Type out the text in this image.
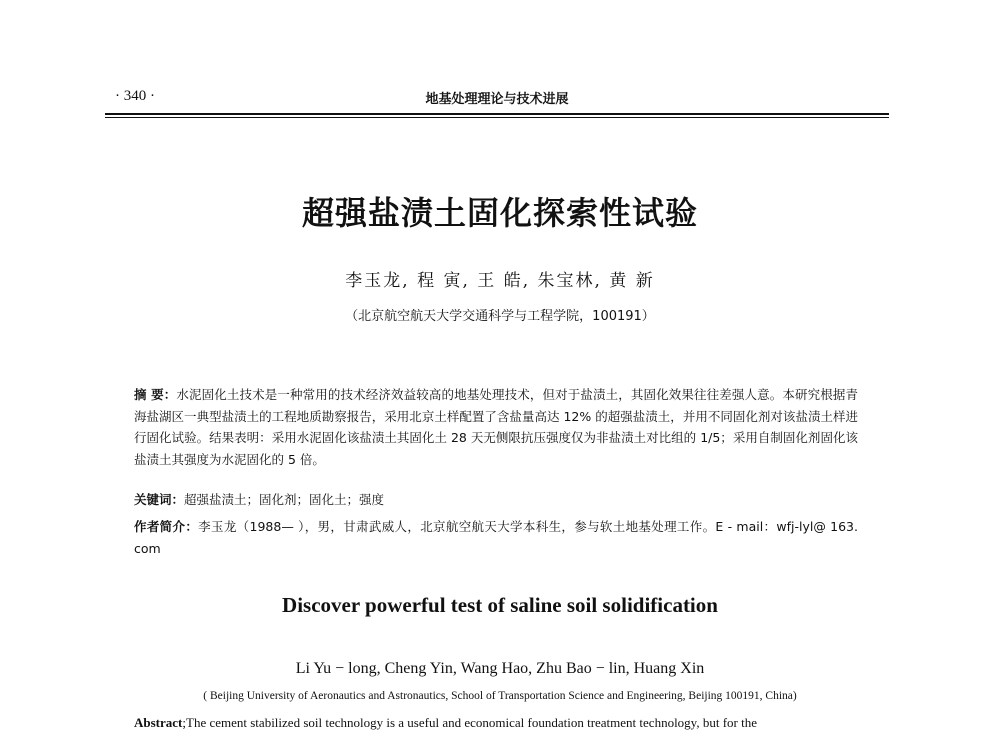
· 340 ·	地基处理理论与技术进展
超强盐渍土固化探索性试验
李玉龙, 程 寅, 王 皓, 朱宝林, 黄 新
（北京航空航天大学交通科学与工程学院，100191）
摘 要：水泥固化土技术是一种常用的技术经济效益较高的地基处理技术，但对于盐渍土，其固化效果往往差强人意。本研究根据青海盐湖区一典型盐渍土的工程地质勘察报告，采用北京土样配置了含盐量高达 12% 的超强盐渍土，并用不同固化剂对该盐渍土样进行固化试验。结果表明：采用水泥固化该盐渍土其固化土 28 天无侧限抗压强度仅为非盐渍土对比组的 1/5；采用自制固化剂固化该盐渍土其强度为水泥固化的 5 倍。
关键词：超强盐渍土；固化剂；固化土；强度
作者简介：李玉龙（1988— ），男，甘肃武威人，北京航空航天大学本科生，参与软土地基处理工作。E - mail：wfj-lyl@ 163. com
Discover powerful test of saline soil solidification
Li Yu − long, Cheng Yin, Wang Hao, Zhu Bao − lin, Huang Xin
( Beijing University of Aeronautics and Astronautics, School of Transportation Science and Engineering, Beijing 100191, China)
Abstract;The cement stabilized soil technology is a useful and economical foundation treatment technology, but for the
